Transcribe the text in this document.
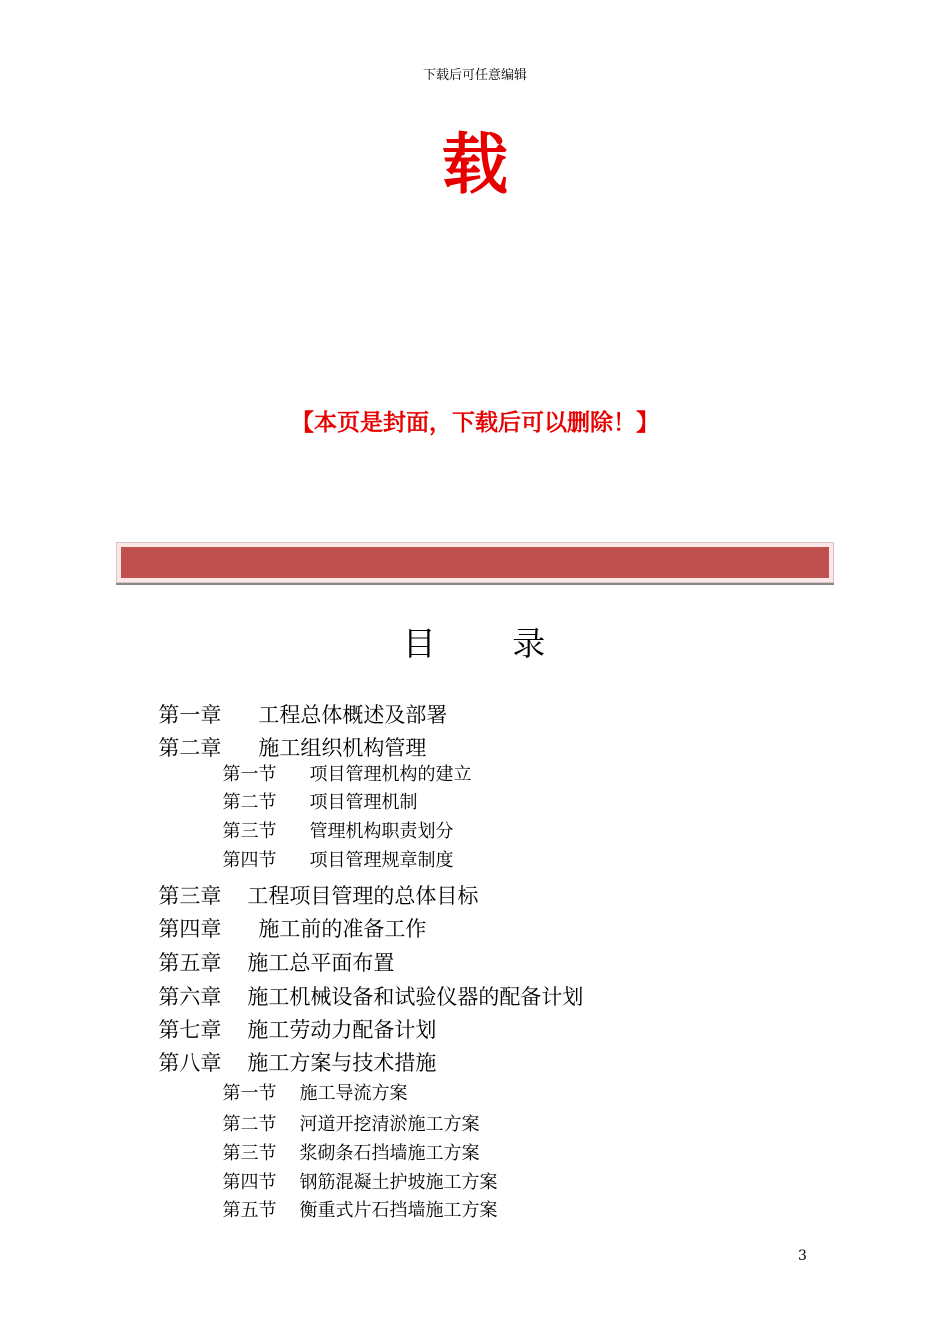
下载后可任意编辑
载
【本页是封面，下载后可以删除！】
目 录

第一章 工程总体概述及部署

第二章 施工组织机构管理

第一节 项目管理机构的建立

第二节 项目管理机制

第三节 管理机构职责划分

第四节 项目管理规章制度

第三章 工程项目管理的总体目标

第四章 施工前的准备工作

第五章 施工总平面布置

第六章 施工机械设备和试验仪器的配备计划

第七章 施工劳动力配备计划

第八章 施工方案与技术措施

第一节 施工导流方案

第二节 河道开挖清淤施工方案

第三节 浆砌条石挡墙施工方案

第四节 钢筋混凝土护坡施工方案

第五节 衡重式片石挡墙施工方案

3
